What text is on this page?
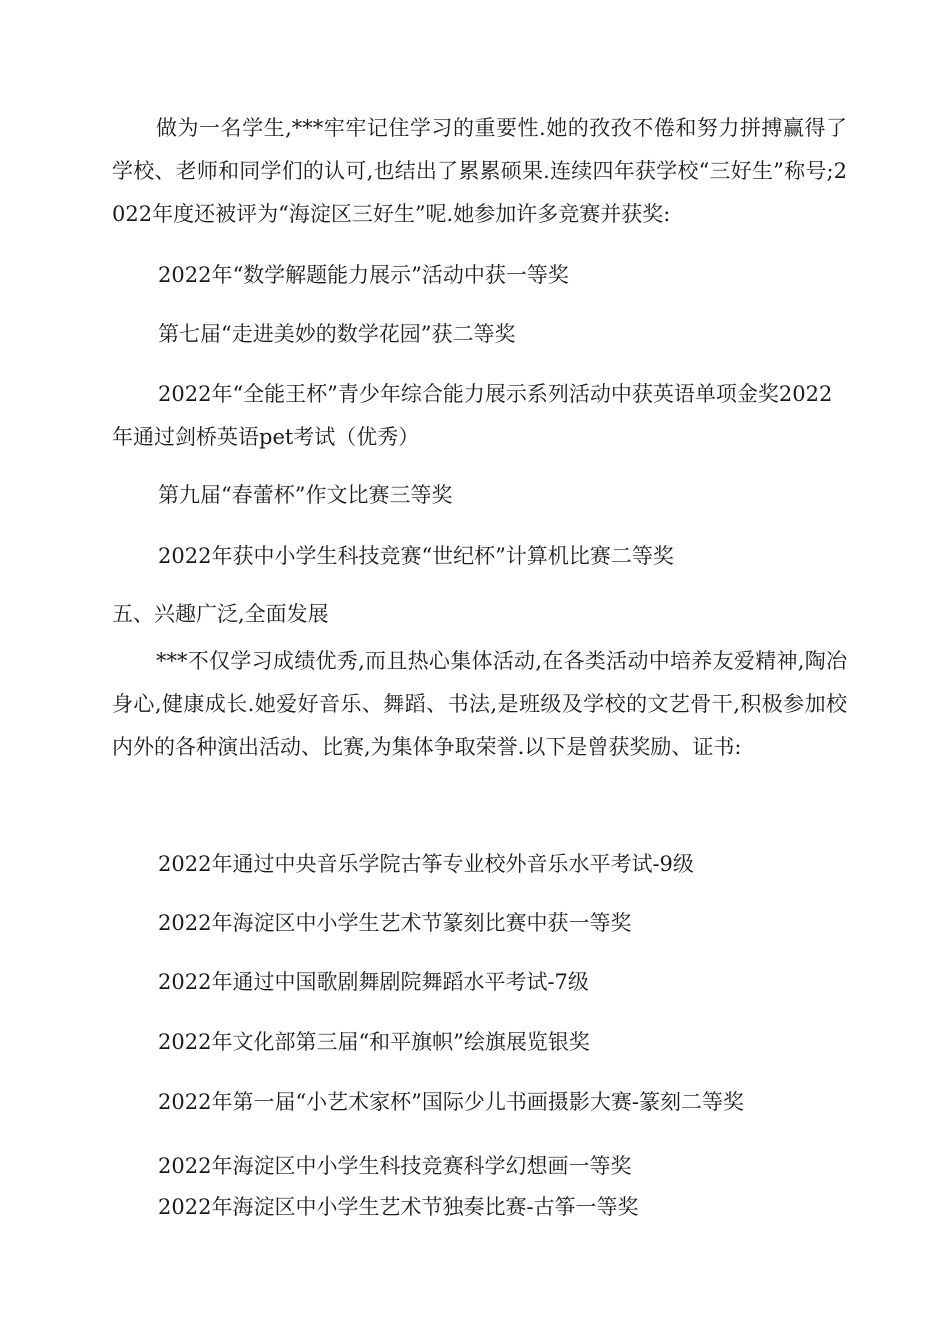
做为一名学生,***牢牢记住学习的重要性.她的孜孜不倦和努力拼搏赢得了学校、老师和同学们的认可,也结出了累累硕果.连续四年获学校“三好生”称号;2022年度还被评为“海淀区三好生”呢.她参加许多竞赛并获奖:

2022年“数学解题能力展示”活动中获一等奖

第七届“走进美妙的数学花园”获二等奖

2022年“全能王杯”青少年综合能力展示系列活动中获英语单项金奖2022年通过剑桥英语pet考试（优秀）

第九届“春蕾杯”作文比赛三等奖

2022年获中小学生科技竞赛“世纪杯”计算机比赛二等奖

五、兴趣广泛,全面发展

***不仅学习成绩优秀,而且热心集体活动,在各类活动中培养友爱精神,陶冶身心,健康成长.她爱好音乐、舞蹈、书法,是班级及学校的文艺骨干,积极参加校内外的各种演出活动、比赛,为集体争取荣誉.以下是曾获奖励、证书:

2022年通过中央音乐学院古筝专业校外音乐水平考试-9级

2022年海淀区中小学生艺术节篆刻比赛中获一等奖

2022年通过中国歌剧舞剧院舞蹈水平考试-7级

2022年文化部第三届“和平旗帜”绘旗展览银奖

2022年第一届“小艺术家杯”国际少儿书画摄影大赛-篆刻二等奖

2022年海淀区中小学生科技竞赛科学幻想画一等奖

2022年海淀区中小学生艺术节独奏比赛-古筝一等奖
